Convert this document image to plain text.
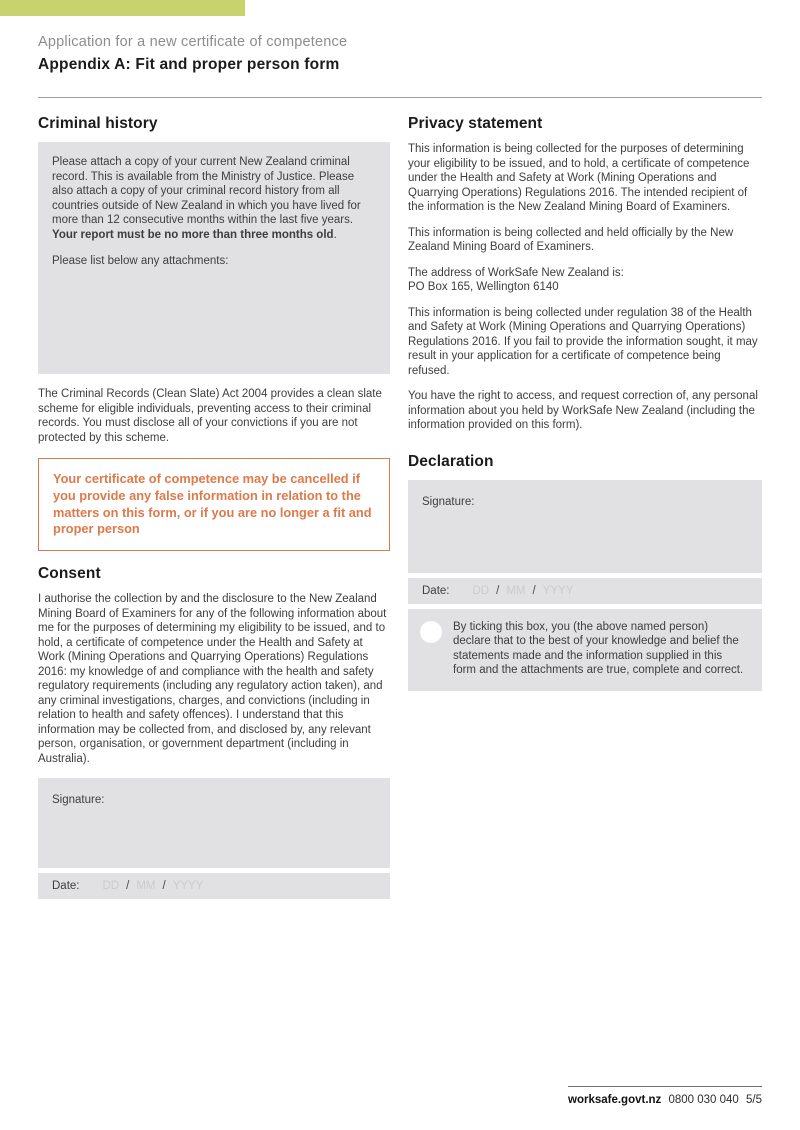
Application for a new certificate of competence

Appendix A: Fit and proper person form

Criminal history

Please attach a copy of your current New Zealand criminal record. This is available from the Ministry of Justice. Please also attach a copy of your criminal record history from all countries outside of New Zealand in which you have lived for more than 12 consecutive months within the last five years. Your report must be no more than three months old.

Please list below any attachments:

The Criminal Records (Clean Slate) Act 2004 provides a clean slate scheme for eligible individuals, preventing access to their criminal records. You must disclose all of your convictions if you are not protected by this scheme.

Your certificate of competence may be cancelled if you provide any false information in relation to the matters on this form, or if you are no longer a fit and proper person
Consent

I authorise the collection by and the disclosure to the New Zealand Mining Board of Examiners for any of the following information about me for the purposes of determining my eligibility to be issued, and to hold, a certificate of competence under the Health and Safety at Work (Mining Operations and Quarrying Operations) Regulations 2016: my knowledge of and compliance with the health and safety regulatory requirements (including any regulatory action taken), and any criminal investigations, charges, and convictions (including in relation to health and safety offences). I understand that this information may be collected from, and disclosed by, any relevant person, organisation, or government department (including in Australia).

Signature:
Date: DD / MM / YYYY
Privacy statement

This information is being collected for the purposes of determining your eligibility to be issued, and to hold, a certificate of competence under the Health and Safety at Work (Mining Operations and Quarrying Operations) Regulations 2016. The intended recipient of the information is the New Zealand Mining Board of Examiners.

This information is being collected and held officially by the New Zealand Mining Board of Examiners.

The address of WorkSafe New Zealand is:
PO Box 165, Wellington 6140

This information is being collected under regulation 38 of the Health and Safety at Work (Mining Operations and Quarrying Operations) Regulations 2016. If you fail to provide the information sought, it may result in your application for a certificate of competence being refused.

You have the right to access, and request correction of, any personal information about you held by WorkSafe New Zealand (including the information provided on this form).

Declaration
Signature:
Date: DD / MM / YYYY

By ticking this box, you (the above named person) declare that to the best of your knowledge and belief the statements made and the information supplied in this form and the attachments are true, complete and correct.

worksafe.govt.nz 0800 030 040 5/5
